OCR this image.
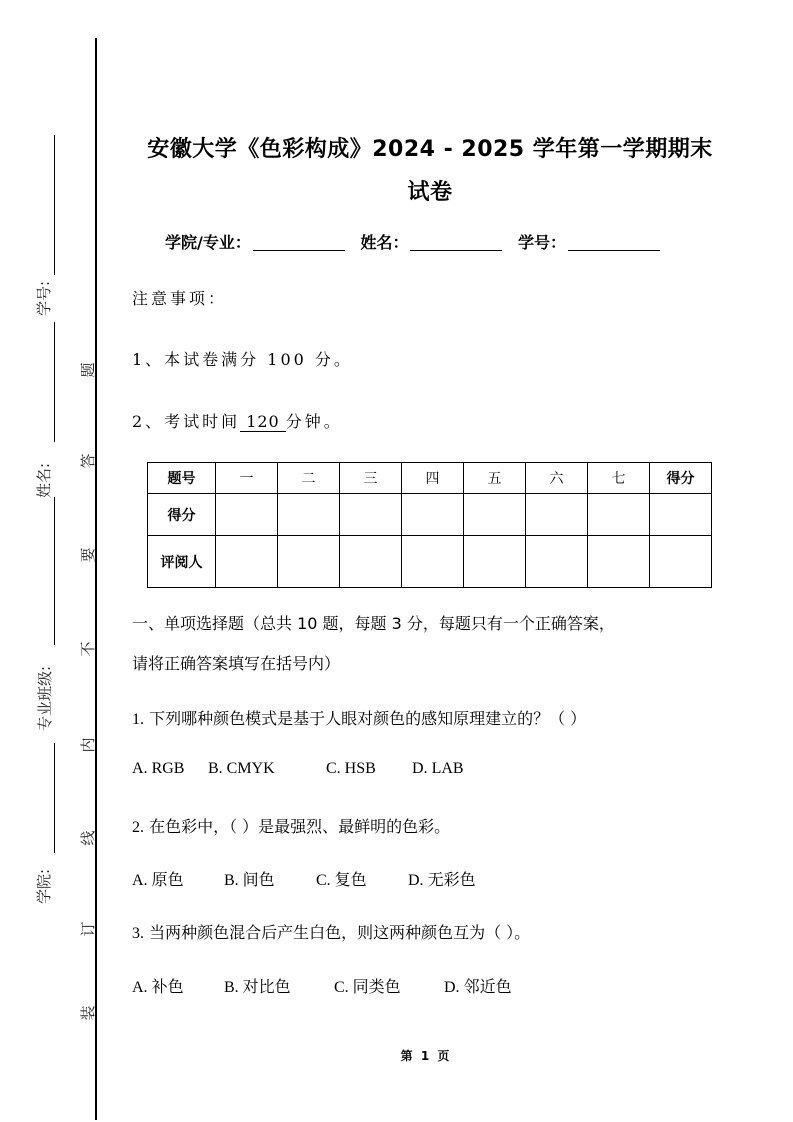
学号:
姓名:
专业班级:
学院:
题
答
要
不
内
线
订
装
安徽大学《色彩构成》2024 - 2025 学年第一学期期末
试卷
学院/专业：	姓名：	学号：
注意事项：
1、本试卷满分 100 分。
2、考试时间 120 分钟。
题号	一	二	三	四	五	六	七	得分
得分								
评阅人								
一、单项选择题（总共 10 题，每题 3 分，每题只有一个正确答案，
请将正确答案填写在括号内）
1. 下列哪种颜色模式是基于人眼对颜色的感知原理建立的？（ ）
A. RGB	B. CMYK	C. HSB	D. LAB
2. 在色彩中，（ ）是最强烈、最鲜明的色彩。
A. 原色	B. 间色	C. 复色	D. 无彩色
3. 当两种颜色混合后产生白色，则这两种颜色互为（ ）。
A. 补色	B. 对比色	C. 同类色	D. 邻近色
第 1 页
